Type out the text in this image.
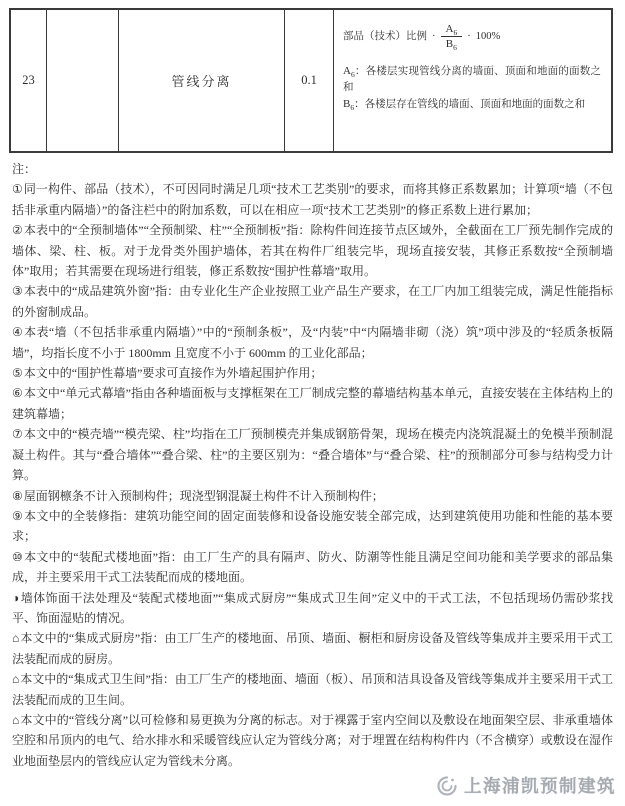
23	管线分离	0.1
部品（技术）比例 · $\frac{A_6}{B_6} \cdot 100\%$

$A_6$：各楼层实现管线分离的墙面、顶面和地面的面数之和

$B_6$：各楼层存在管线的墙面、顶面和地面的面数之和

注：

①同一构件、部品（技术），不可因同时满足几项“技术工艺类别”的要求，而将其修正系数累加；计算项“墙（不包括非承重内隔墙）”的备注栏中的附加系数，可以在相应一项“技术工艺类别”的修正系数上进行累加；

②本表中的“全预制墙体”“全预制梁、柱”“全预制板”指：除构件间连接节点区域外，全截面在工厂预先制作完成的墙体、梁、柱、板。对于龙骨类外围护墙体，若其在构件厂组装完毕，现场直接安装，其修正系数按“全预制墙体”取用；若其需要在现场进行组装，修正系数按“围护性幕墙”取用。

③本表中的“成品建筑外窗”指：由专业化生产企业按照工业产品生产要求，在工厂内加工组装完成，满足性能指标的外窗制成品。

④本表“墙（不包括非承重内隔墙）”中的“预制条板”，及“内装”中“内隔墙非砌（浇）筑”项中涉及的“轻质条板隔墙”，均指长度不小于 1800mm 且宽度不小于 600mm 的工业化部品；

⑤本文中的“围护性幕墙”要求可直接作为外墙起围护作用；

⑥本文中“单元式幕墙”指由各种墙面板与支撑框架在工厂制成完整的幕墙结构基本单元，直接安装在主体结构上的建筑幕墙；

⑦本文中的“模壳墙”“模壳梁、柱”均指在工厂预制模壳并集成钢筋骨架，现场在模壳内浇筑混凝土的免模半预制混凝土构件。其与“叠合墙体”“叠合梁、柱”的主要区别为：“叠合墙体”与“叠合梁、柱”的预制部分可参与结构受力计算。

⑧屋面钢檩条不计入预制构件；现浇型钢混凝土构件不计入预制构件；

⑨本文中的全装修指：建筑功能空间的固定面装修和设备设施安装全部完成，达到建筑使用功能和性能的基本要求；

⑩本文中的“装配式楼地面”指：由工厂生产的具有隔声、防火、防潮等性能且满足空间功能和美学要求的部品集成，并主要采用干式工法装配而成的楼地面。

◑墙体饰面干法处理及“装配式楼地面”“集成式厨房”“集成式卫生间”定义中的干式工法，不包括现场仍需砂浆找平、饰面湿贴的情况。

⌂本文中的“集成式厨房”指：由工厂生产的楼地面、吊顶、墙面、橱柜和厨房设备及管线等集成并主要采用干式工法装配而成的厨房。

⌂本文中的“集成式卫生间”指：由工厂生产的楼地面、墙面（板）、吊顶和洁具设备及管线等集成并主要采用干式工法装配而成的卫生间。

⌂本文中的“管线分离”以可检修和易更换为分离的标志。对于裸露于室内空间以及敷设在地面架空层、非承重墙体空腔和吊顶内的电气、给水排水和采暖管线应认定为管线分离；对于埋置在结构构件内（不含横穿）或敷设在湿作业地面垫层内的管线应认定为管线未分离。

上海浦凯预制建筑
